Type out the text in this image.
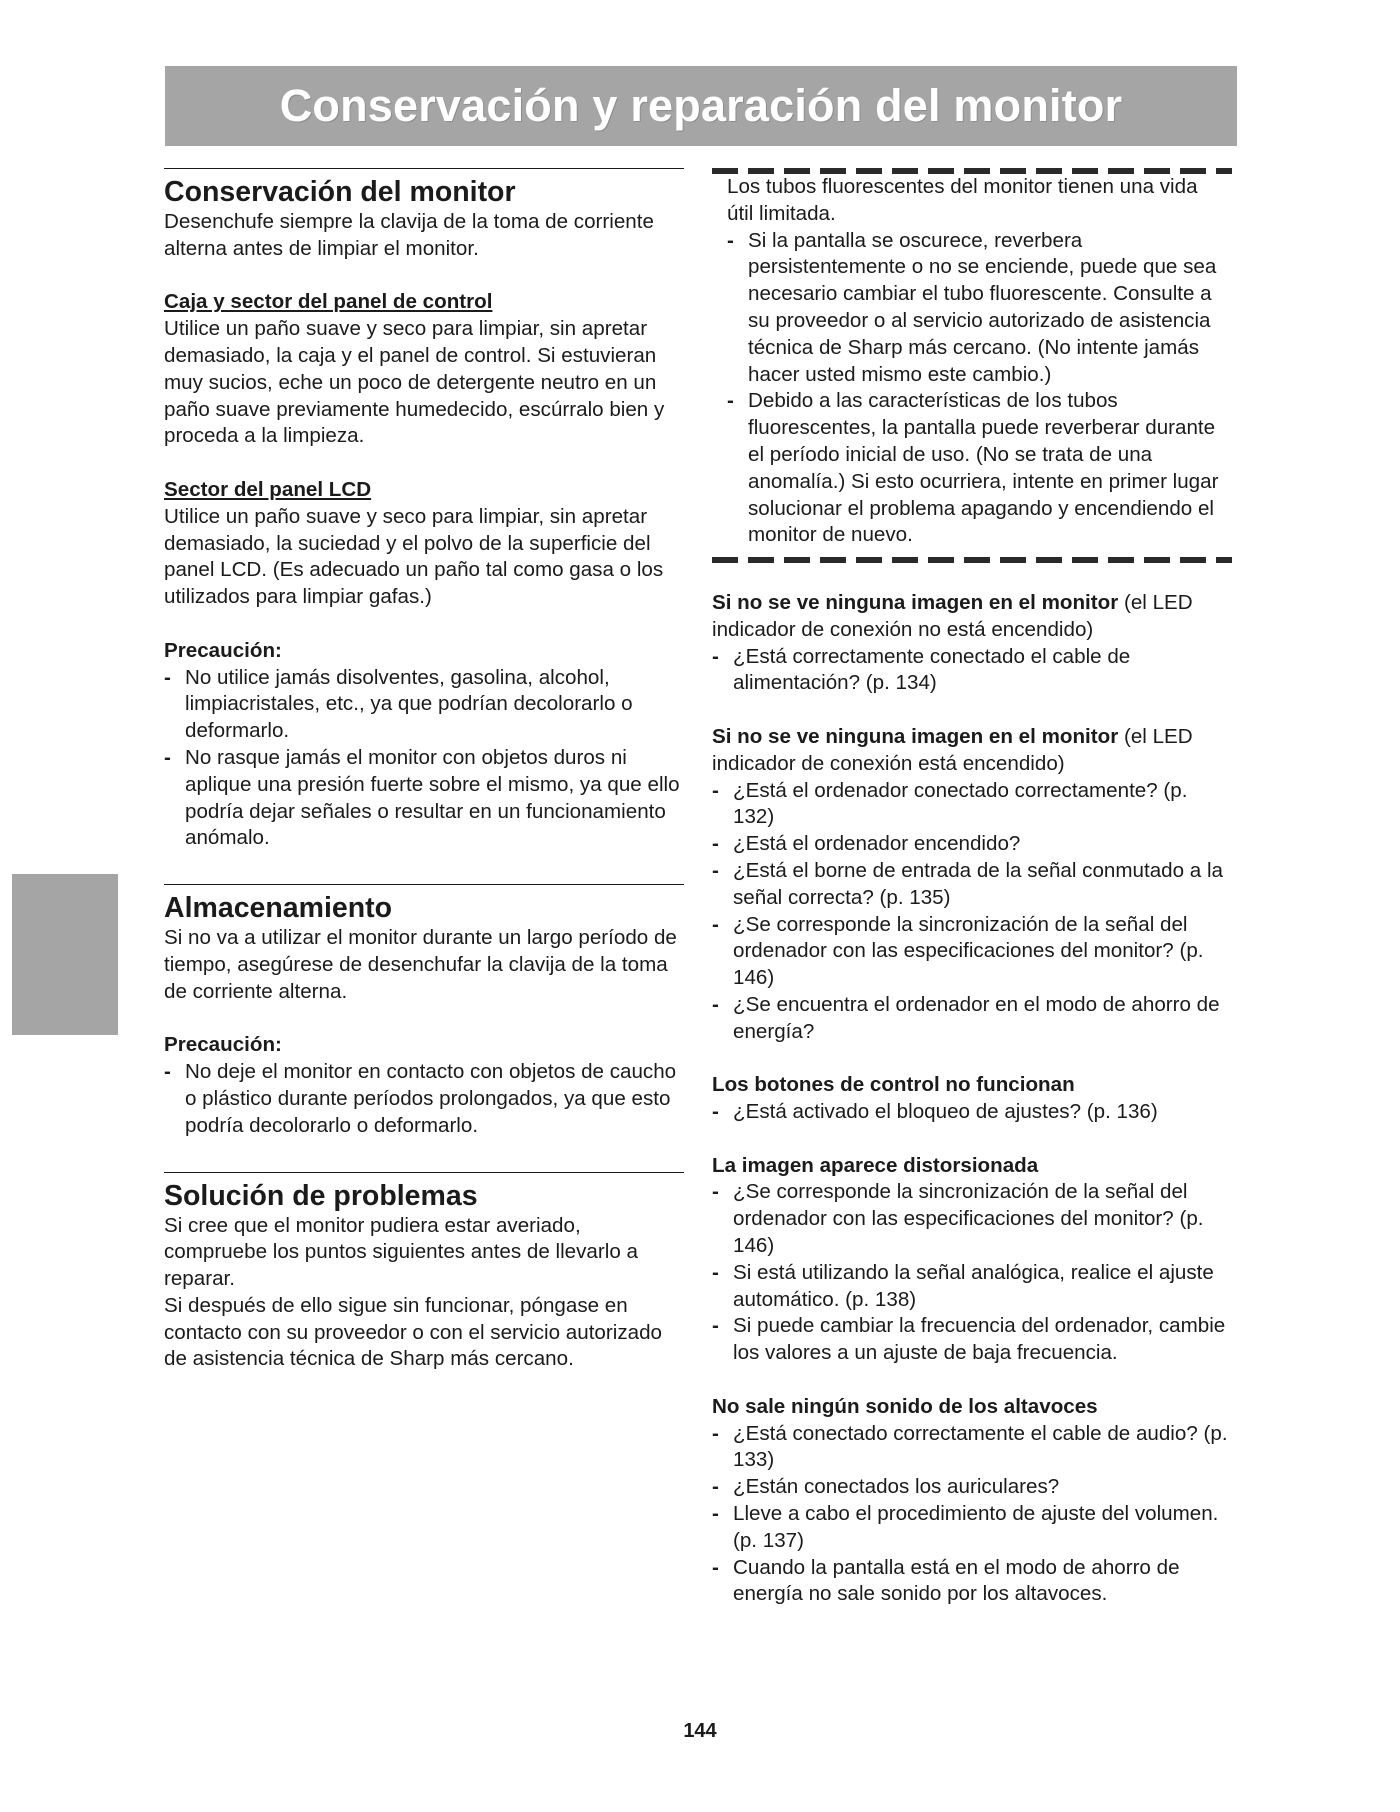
Conservación y reparación del monitor
Conservación del monitor

Desenchufe siempre la clavija de la toma de corriente alterna antes de limpiar el monitor.

Caja y sector del panel de control

Utilice un paño suave y seco para limpiar, sin apretar demasiado, la caja y el panel de control. Si estuvieran muy sucios, eche un poco de detergente neutro en un paño suave previamente humedecido, escúrralo bien y proceda a la limpieza.

Sector del panel LCD

Utilice un paño suave y seco para limpiar, sin apretar demasiado, la suciedad y el polvo de la superficie del panel LCD. (Es adecuado un paño tal como gasa o los utilizados para limpiar gafas.)

Precaución:

- No utilice jamás disolventes, gasolina, alcohol, limpiacristales, etc., ya que podrían decolorarlo o deformarlo.
- No rasque jamás el monitor con objetos duros ni aplique una presión fuerte sobre el mismo, ya que ello podría dejar señales o resultar en un funcionamiento anómalo.
Almacenamiento

Si no va a utilizar el monitor durante un largo período de tiempo, asegúrese de desenchufar la clavija de la toma de corriente alterna.

Precaución:

- No deje el monitor en contacto con objetos de caucho o plástico durante períodos prolongados, ya que esto podría decolorarlo o deformarlo.
Solución de problemas

Si cree que el monitor pudiera estar averiado, compruebe los puntos siguientes antes de llevarlo a reparar.

Si después de ello sigue sin funcionar, póngase en contacto con su proveedor o con el servicio autorizado de asistencia técnica de Sharp más cercano.

Los tubos fluorescentes del monitor tienen una vida útil limitada.

- Si la pantalla se oscurece, reverbera persistentemente o no se enciende, puede que sea necesario cambiar el tubo fluorescente. Consulte a su proveedor o al servicio autorizado de asistencia técnica de Sharp más cercano. (No intente jamás hacer usted mismo este cambio.)
- Debido a las características de los tubos fluorescentes, la pantalla puede reverberar durante el período inicial de uso. (No se trata de una anomalía.) Si esto ocurriera, intente en primer lugar solucionar el problema apagando y encendiendo el monitor de nuevo.

Si no se ve ninguna imagen en el monitor (el LED indicador de conexión no está encendido)

- ¿Está correctamente conectado el cable de alimentación? (p. 134)

Si no se ve ninguna imagen en el monitor (el LED indicador de conexión está encendido)

- ¿Está el ordenador conectado correctamente? (p. 132)
- ¿Está el ordenador encendido?
- ¿Está el borne de entrada de la señal conmutado a la señal correcta? (p. 135)
- ¿Se corresponde la sincronización de la señal del ordenador con las especificaciones del monitor? (p. 146)
- ¿Se encuentra el ordenador en el modo de ahorro de energía?

Los botones de control no funcionan

- ¿Está activado el bloqueo de ajustes? (p. 136)

La imagen aparece distorsionada

- ¿Se corresponde la sincronización de la señal del ordenador con las especificaciones del monitor? (p. 146)
- Si está utilizando la señal analógica, realice el ajuste automático. (p. 138)
- Si puede cambiar la frecuencia del ordenador, cambie los valores a un ajuste de baja frecuencia.

No sale ningún sonido de los altavoces

- ¿Está conectado correctamente el cable de audio? (p. 133)
- ¿Están conectados los auriculares?
- Lleve a cabo el procedimiento de ajuste del volumen. (p. 137)
- Cuando la pantalla está en el modo de ahorro de energía no sale sonido por los altavoces.
144
